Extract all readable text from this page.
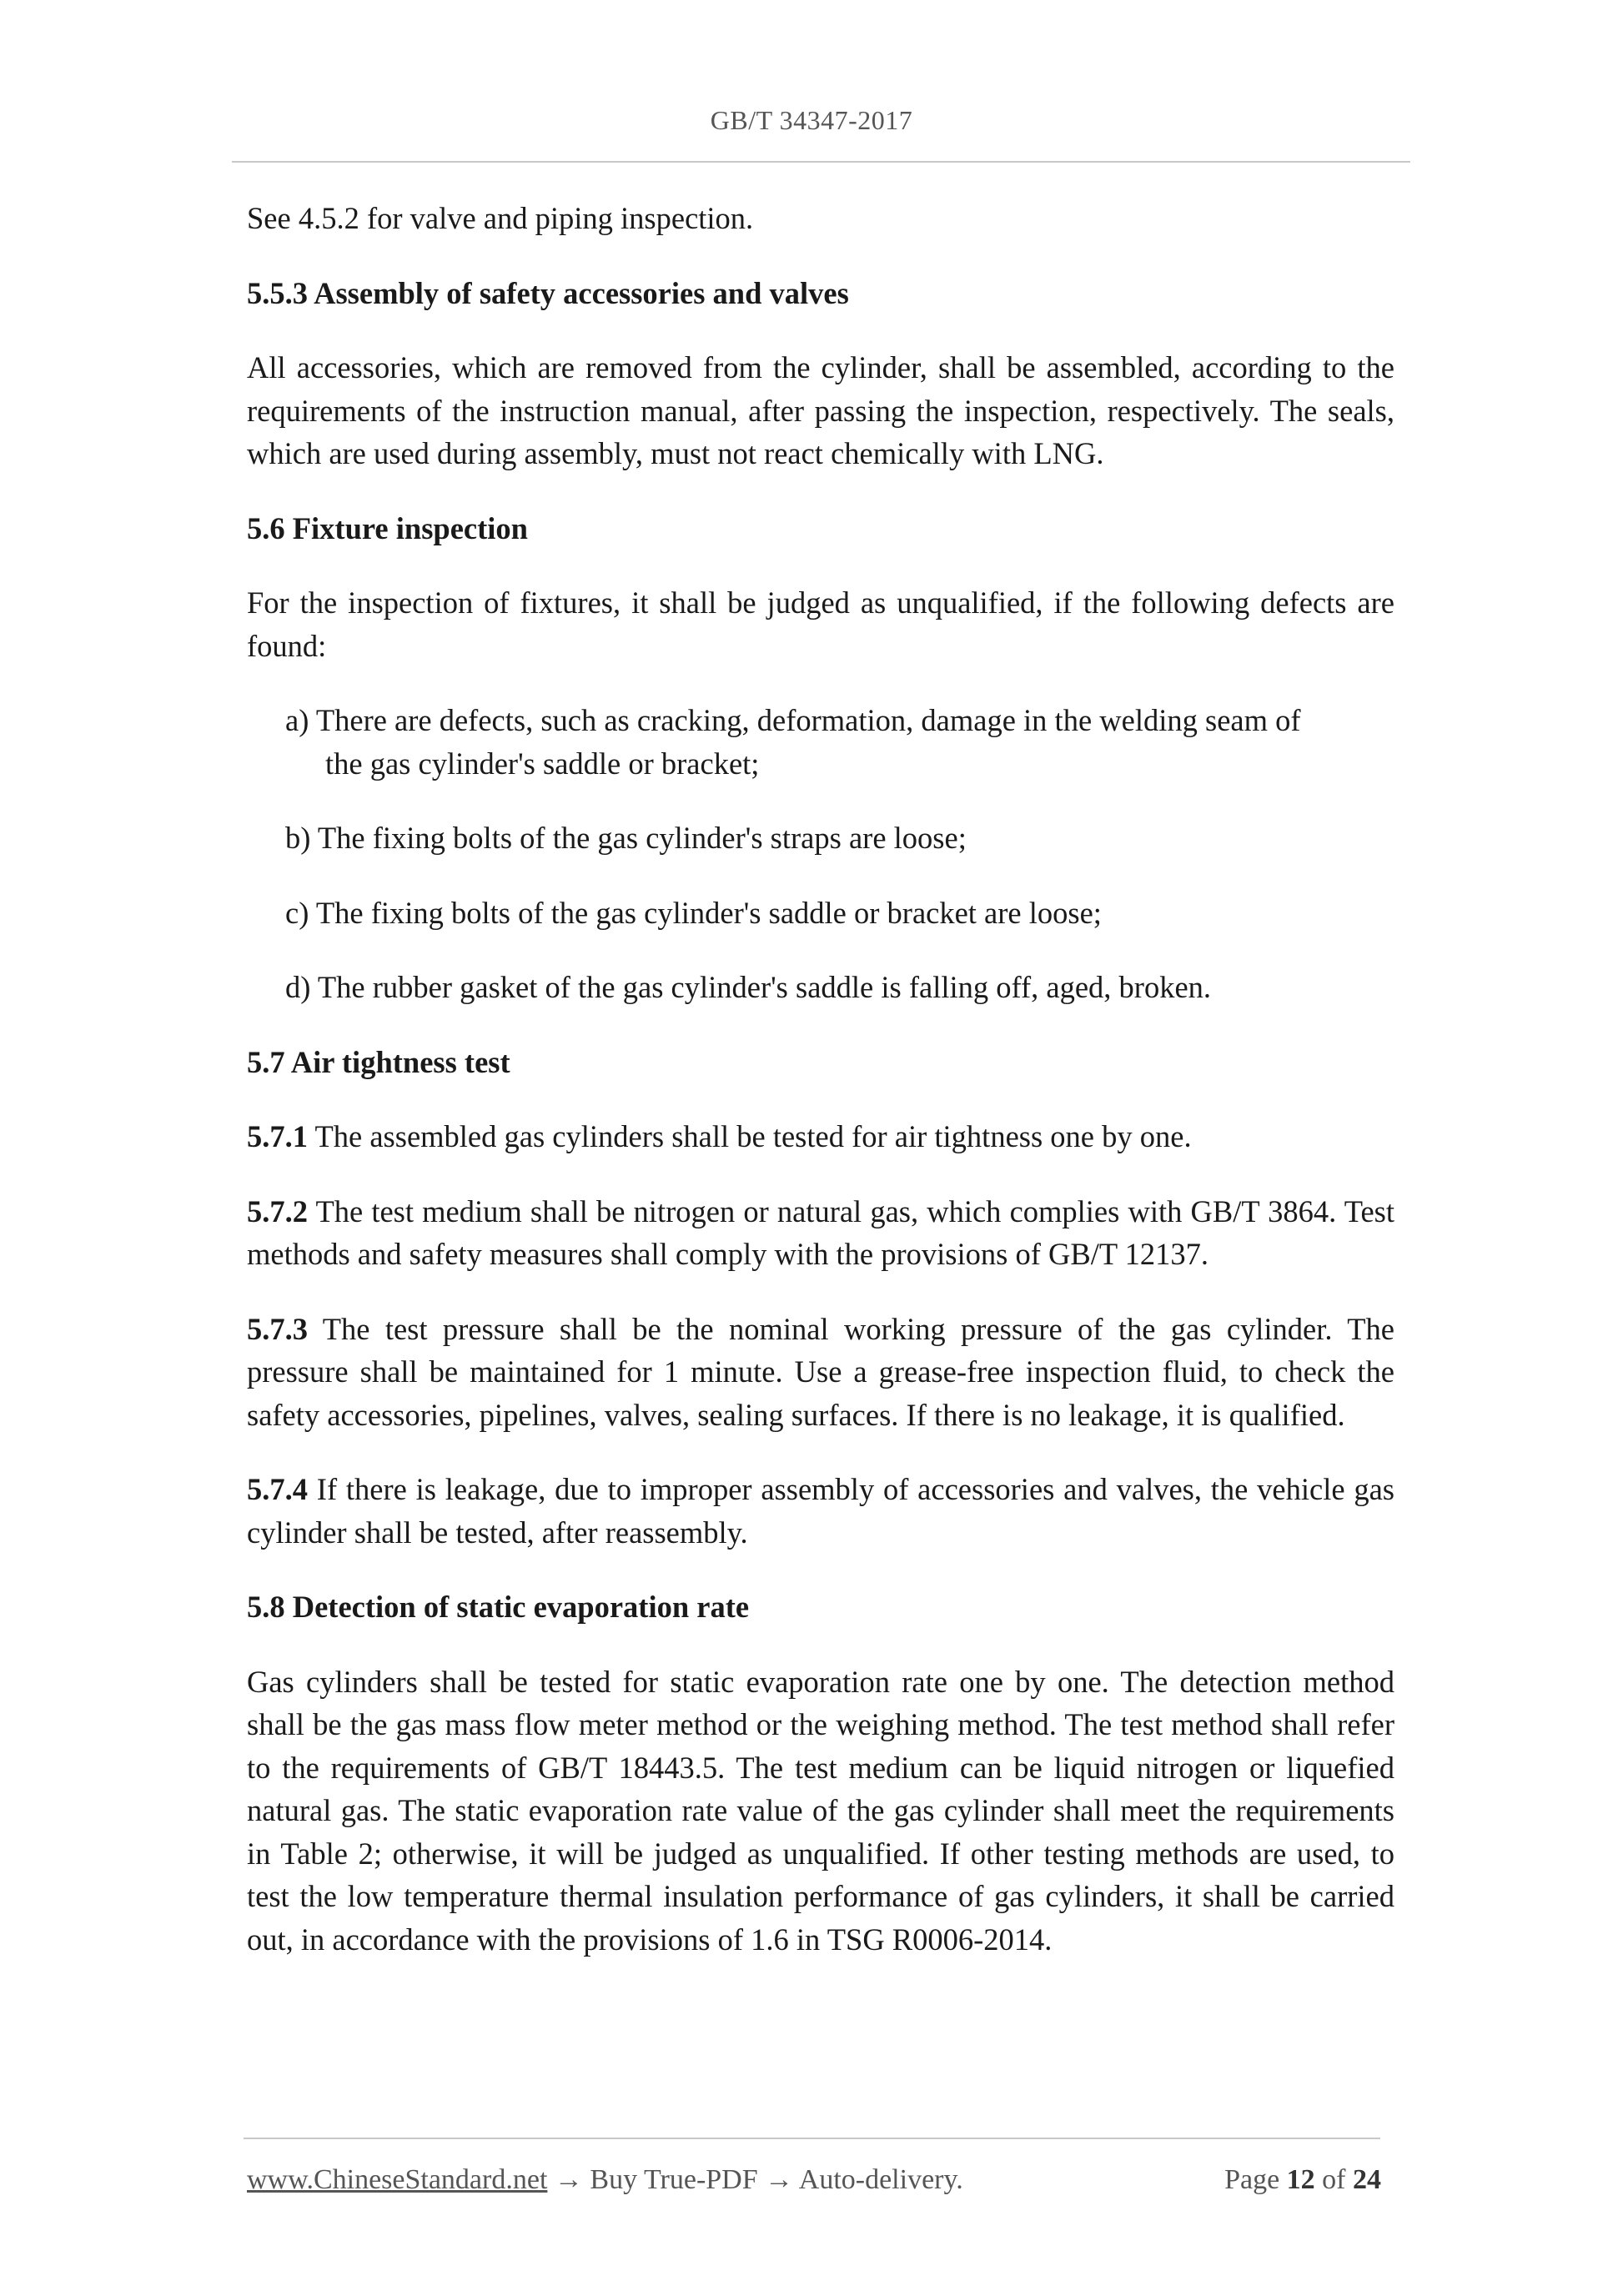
GB/T 34347-2017

See 4.5.2 for valve and piping inspection.

5.5.3 Assembly of safety accessories and valves

All accessories, which are removed from the cylinder, shall be assembled, according to the requirements of the instruction manual, after passing the inspection, respectively. The seals, which are used during assembly, must not react chemically with LNG.

5.6 Fixture inspection

For the inspection of fixtures, it shall be judged as unqualified, if the following defects are found:

a) There are defects, such as cracking, deformation, damage in the welding seam of
the gas cylinder's saddle or bracket;

b) The fixing bolts of the gas cylinder's straps are loose;

c) The fixing bolts of the gas cylinder's saddle or bracket are loose;

d) The rubber gasket of the gas cylinder's saddle is falling off, aged, broken.

5.7 Air tightness test

5.7.1 The assembled gas cylinders shall be tested for air tightness one by one.

5.7.2 The test medium shall be nitrogen or natural gas, which complies with GB/T 3864. Test methods and safety measures shall comply with the provisions of GB/T 12137.

5.7.3 The test pressure shall be the nominal working pressure of the gas cylinder. The pressure shall be maintained for 1 minute. Use a grease-free inspection fluid, to check the safety accessories, pipelines, valves, sealing surfaces. If there is no leakage, it is qualified.

5.7.4 If there is leakage, due to improper assembly of accessories and valves, the vehicle gas cylinder shall be tested, after reassembly.

5.8 Detection of static evaporation rate

Gas cylinders shall be tested for static evaporation rate one by one. The detection method shall be the gas mass flow meter method or the weighing method. The test method shall refer to the requirements of GB/T 18443.5. The test medium can be liquid nitrogen or liquefied natural gas. The static evaporation rate value of the gas cylinder shall meet the requirements in Table 2; otherwise, it will be judged as unqualified. If other testing methods are used, to test the low temperature thermal insulation performance of gas cylinders, it shall be carried out, in accordance with the provisions of 1.6 in TSG R0006-2014.

www.ChineseStandard.net → Buy True-PDF → Auto-delivery.	Page 12 of 24
